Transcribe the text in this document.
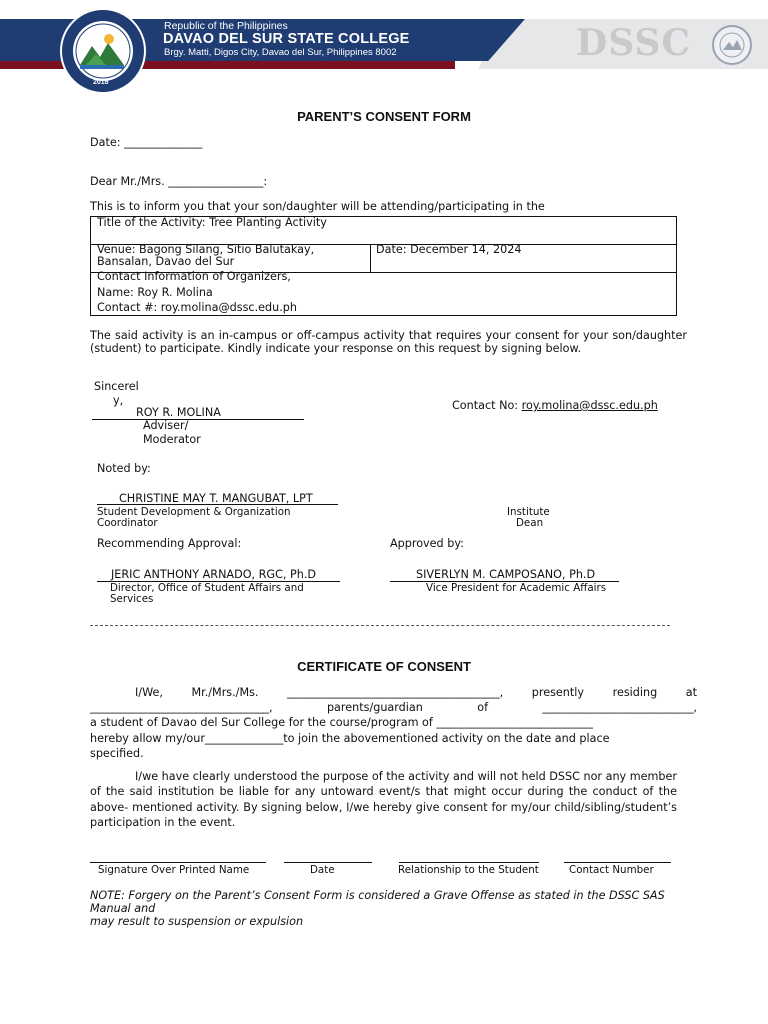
2018
Republic of the Philippines
DAVAO DEL SUR STATE COLLEGE
Brgy. Matti, Digos City, Davao del Sur, Philippines 8002	DSSC
PARENT’S CONSENT FORM
Date: ______________
Dear Mr./Mrs. _________________:
This is to inform you that your son/daughter will be attending/participating in the
Title of the Activity: Tree Planting Activity
Venue: Bagong Silang, Sitio Balutakay,
Bansalan, Davao del Sur
Date: December 14, 2024
Contact Information of Organizers,
Name: Roy R. Molina
Contact #: roy.molina@dssc.edu.ph
The said activity is an in-campus or off-campus activity that requires your consent for your son/daughter (student) to participate. Kindly indicate your response on this request by signing below.
Sincerel
y,
ROY R. MOLINA
Adviser/
Moderator
Contact No: roy.molina@dssc.edu.ph
Noted by:
CHRISTINE MAY T. MANGUBAT, LPT
Student Development & Organization
Coordinator
Institute
Dean
Recommending Approval:	Approved by:
JERIC ANTHONY ARNADO, RGC, Ph.D
Director, Office of Student Affairs and
Services
SIVERLYN M. CAMPOSANO, Ph.D
Vice President for Academic Affairs
CERTIFICATE OF CONSENT
I/We, Mr./Mrs./Ms. ______________________________________, presently residing at
________________________________, parents/guardian of ___________________________,
a student of Davao del Sur College for the course/program of ____________________________
hereby allow my/our______________to join the abovementioned activity on the date and place
specified.
I/we have clearly understood the purpose of the activity and will not held DSSC nor any member of the said institution be liable for any untoward event/s that might occur during the conduct of the above- mentioned activity. By signing below, I/we hereby give consent for my/our child/sibling/student’s participation in the event.
Signature Over Printed Name	Date	Relationship to the Student	Contact Number
NOTE: Forgery on the Parent’s Consent Form is considered a Grave Offense as stated in the DSSC SAS
Manual and
may result to suspension or expulsion
